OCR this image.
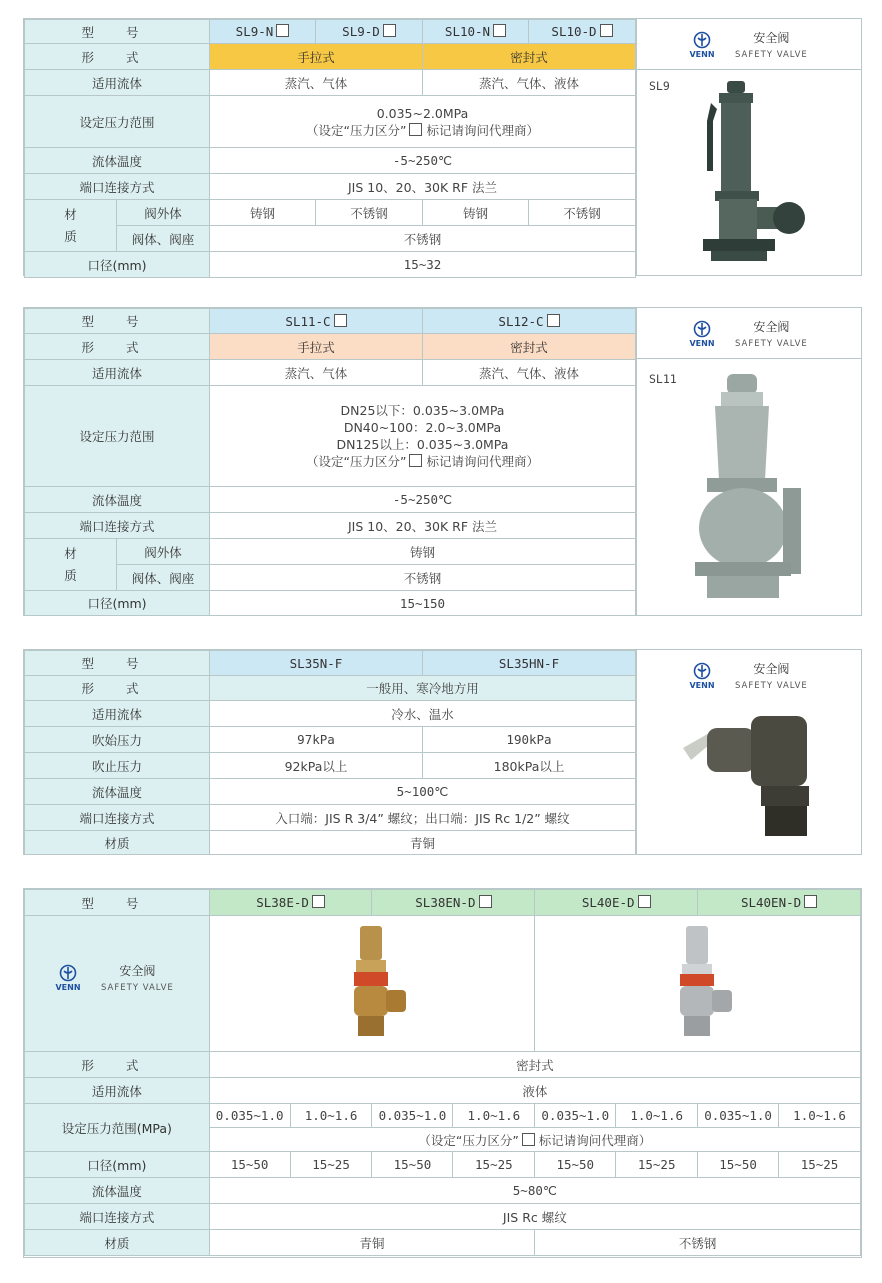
型 号		SL9-N	SL9-D	SL10-N	SL10-D
形 式		手拉式		密封式	
适用流体		蒸汽、气体		蒸汽、气体、液体	
设定压力范围		0.035~2.0MPa
（设定“压力区分” 标记请询问代理商）			

流体温度		-5~250℃			
端口连接方式		JIS 10、20、30K RF 法兰			

材
质	阀外体	铸钢	不锈钢	铸钢	不锈钢
	阀体、阀座	不锈钢			
口径(mm)		15~32			
VENN
安全阀
SAFETY VALVE
SL9
型 号		SL11-C	SL12-C
形 式		手拉式	密封式
适用流体		蒸汽、气体	蒸汽、气体、液体
设定压力范围		DN25以下：0.035~3.0MPa
DN40~100：2.0~3.0MPa
DN125以上：0.035~3.0MPa
（设定“压力区分” 标记请询问代理商）	

流体温度		-5~250℃	
端口连接方式		JIS 10、20、30K RF 法兰	

材
质	阀外体	铸钢	
	阀体、阀座	不锈钢	
口径(mm)		15~150	
VENN
安全阀
SAFETY VALVE
SL11
型 号	SL35N-F	SL35HN-F
形 式	一般用、寒冷地方用	
适用流体	冷水、温水	
吹始压力	97kPa	190kPa
吹止压力	92kPa以上	180kPa以上
流体温度	5~100℃	
端口连接方式	入口端：JIS R 3/4” 螺纹；出口端：JIS Rc 1/2” 螺纹	
材质	青铜	
VENN
安全阀
SAFETY VALVE
型 号	SL38E-D		SL38EN-D		SL40E-D		SL40EN-D	

VENN
安全阀
SAFETY VALVE

形 式	密封式							
适用流体	液体							
设定压力范围(MPa)	0.035~1.0	1.0~1.6	0.035~1.0	1.0~1.6	0.035~1.0	1.0~1.6	0.035~1.0	1.0~1.6
	（设定“压力区分” 标记请询问代理商）							
口径(mm)	15~50	15~25	15~50	15~25	15~50	15~25	15~50	15~25
流体温度	5~80℃							
端口连接方式	JIS Rc 螺纹							
材质	青铜				不锈钢			
